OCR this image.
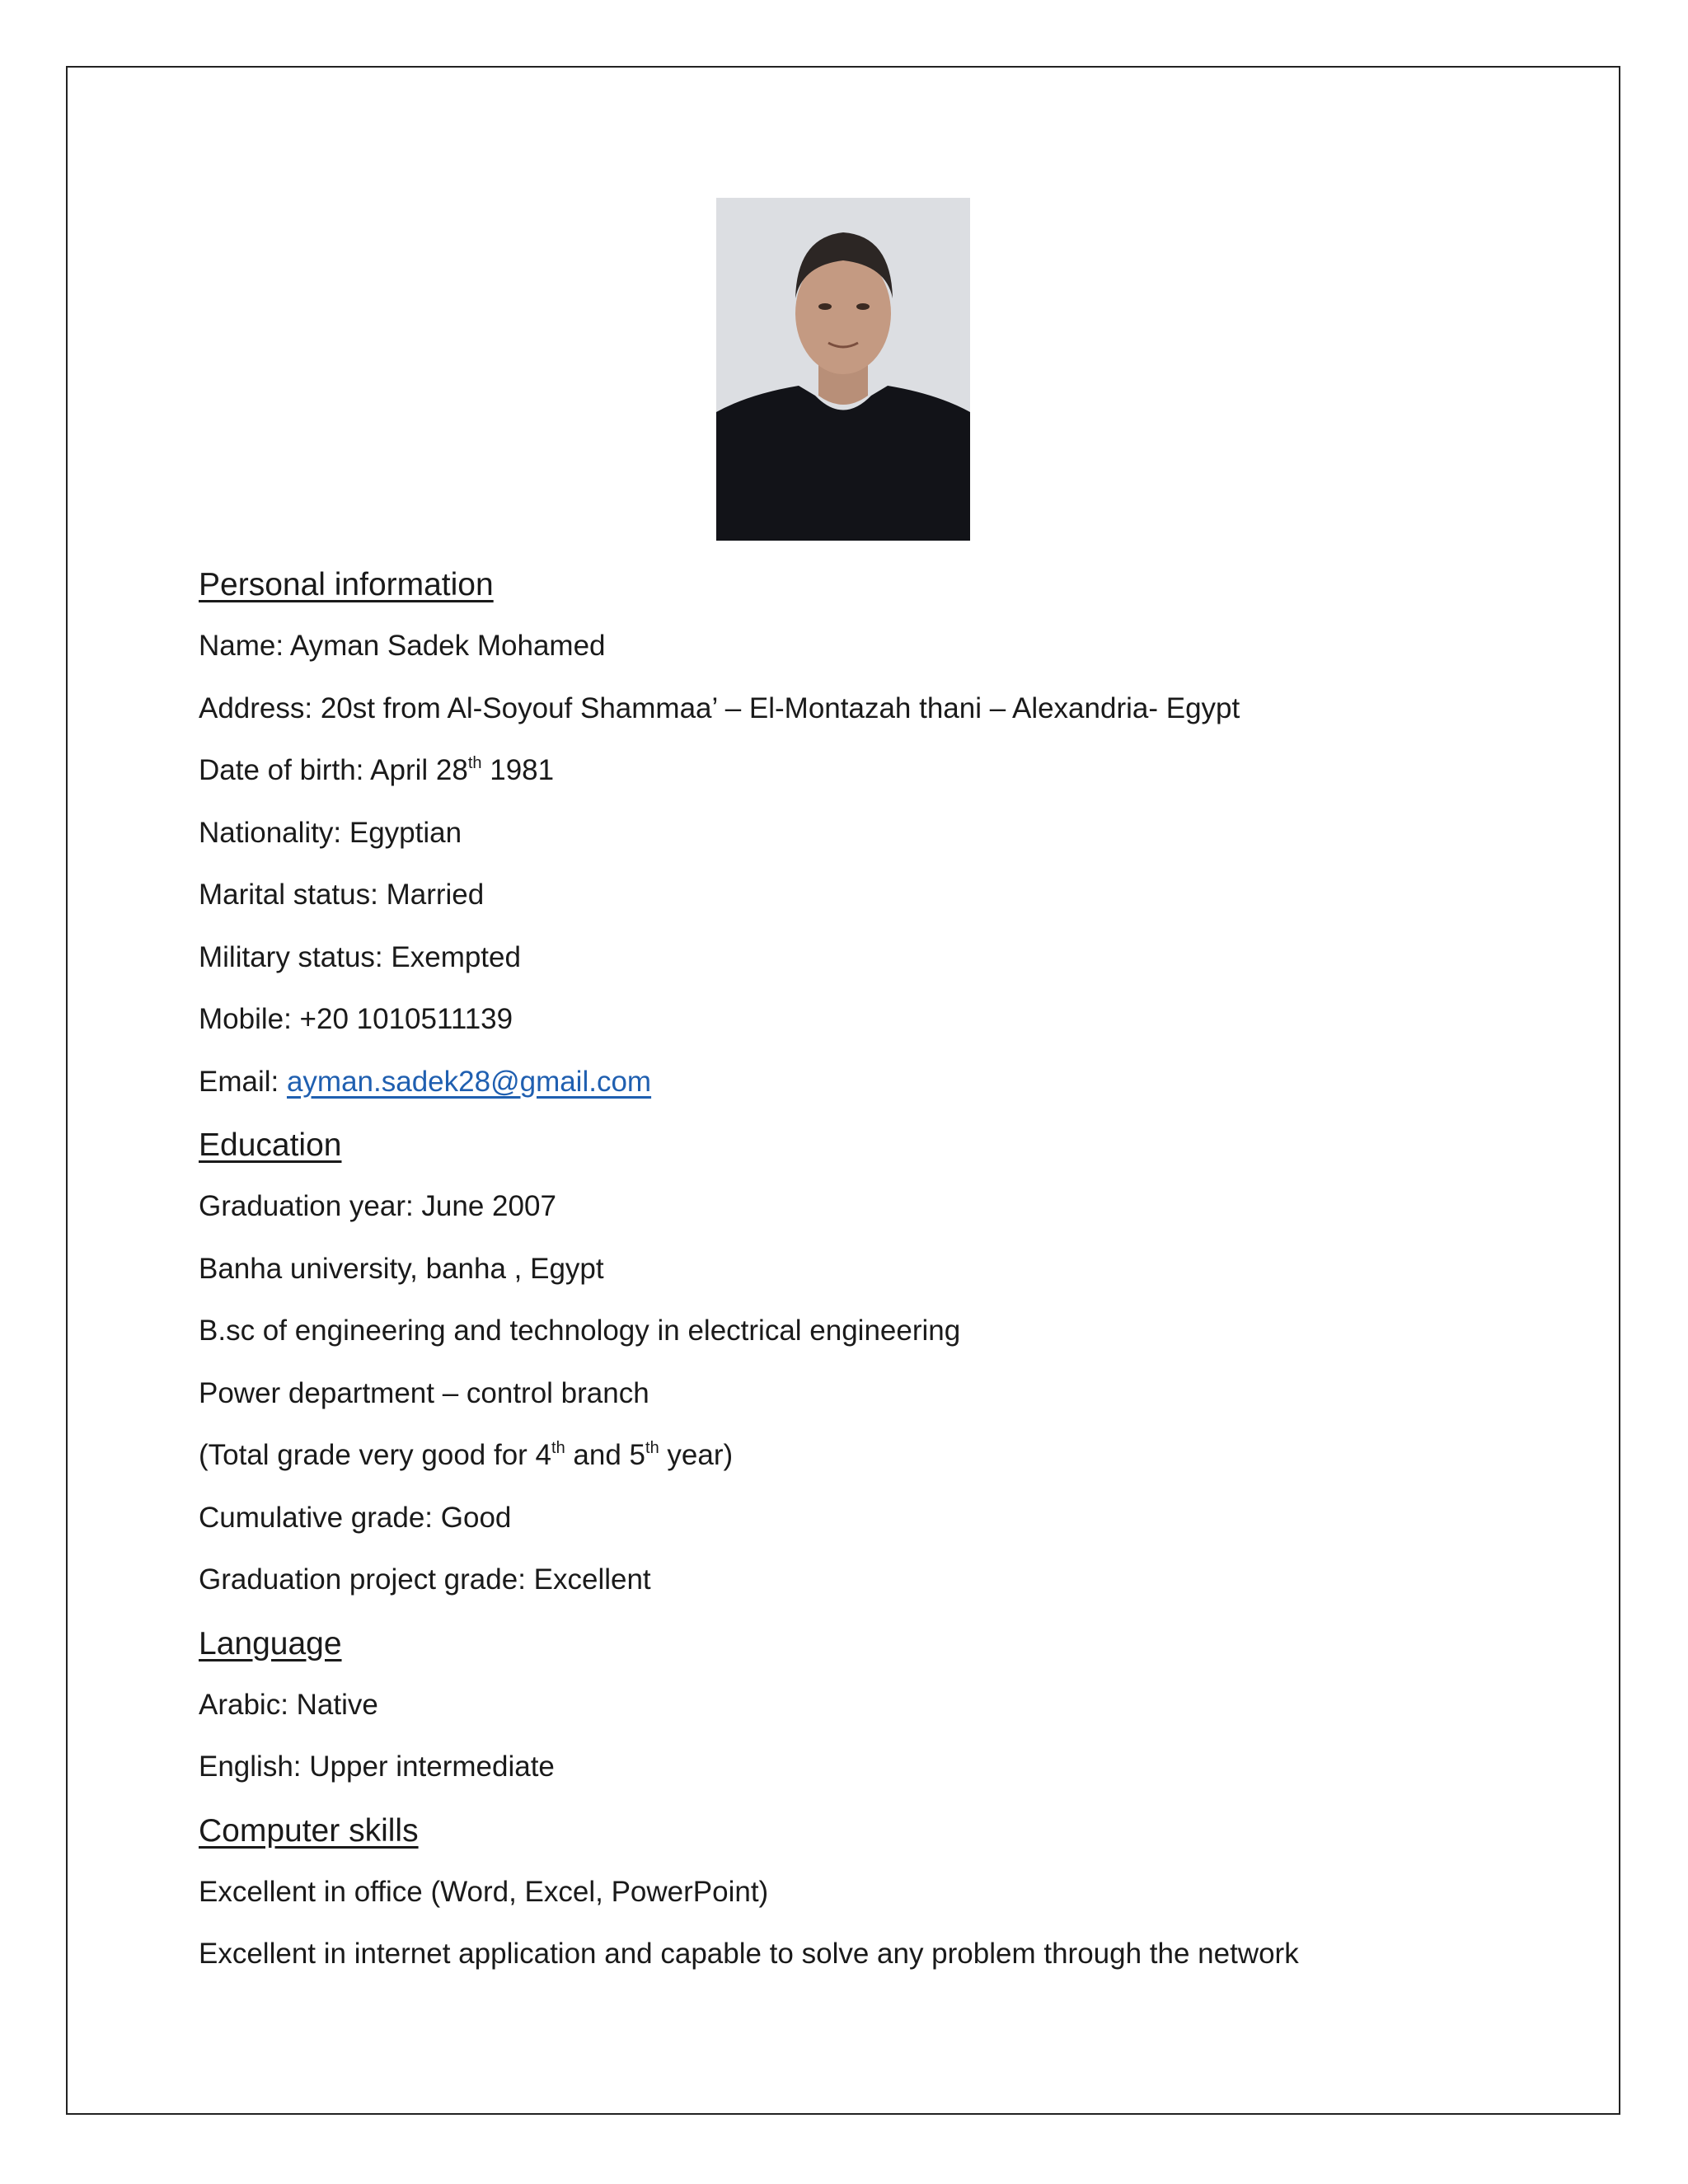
Personal information

Name: Ayman Sadek Mohamed

Address: 20st from Al-Soyouf Shammaa’ – El-Montazah thani – Alexandria- Egypt

Date of birth: April 28th 1981

Nationality: Egyptian

Marital status: Married

Military status: Exempted

Mobile: +20 1010511139

Email: ayman.sadek28@gmail.com

Education

Graduation year: June 2007

Banha university, banha , Egypt

B.sc of engineering and technology in electrical engineering

Power department – control branch

(Total grade very good for 4th and 5th year)

Cumulative grade: Good

Graduation project grade: Excellent

Language

Arabic: Native

English: Upper intermediate

Computer skills

Excellent in office (Word, Excel, PowerPoint)

Excellent in internet application and capable to solve any problem through the network
